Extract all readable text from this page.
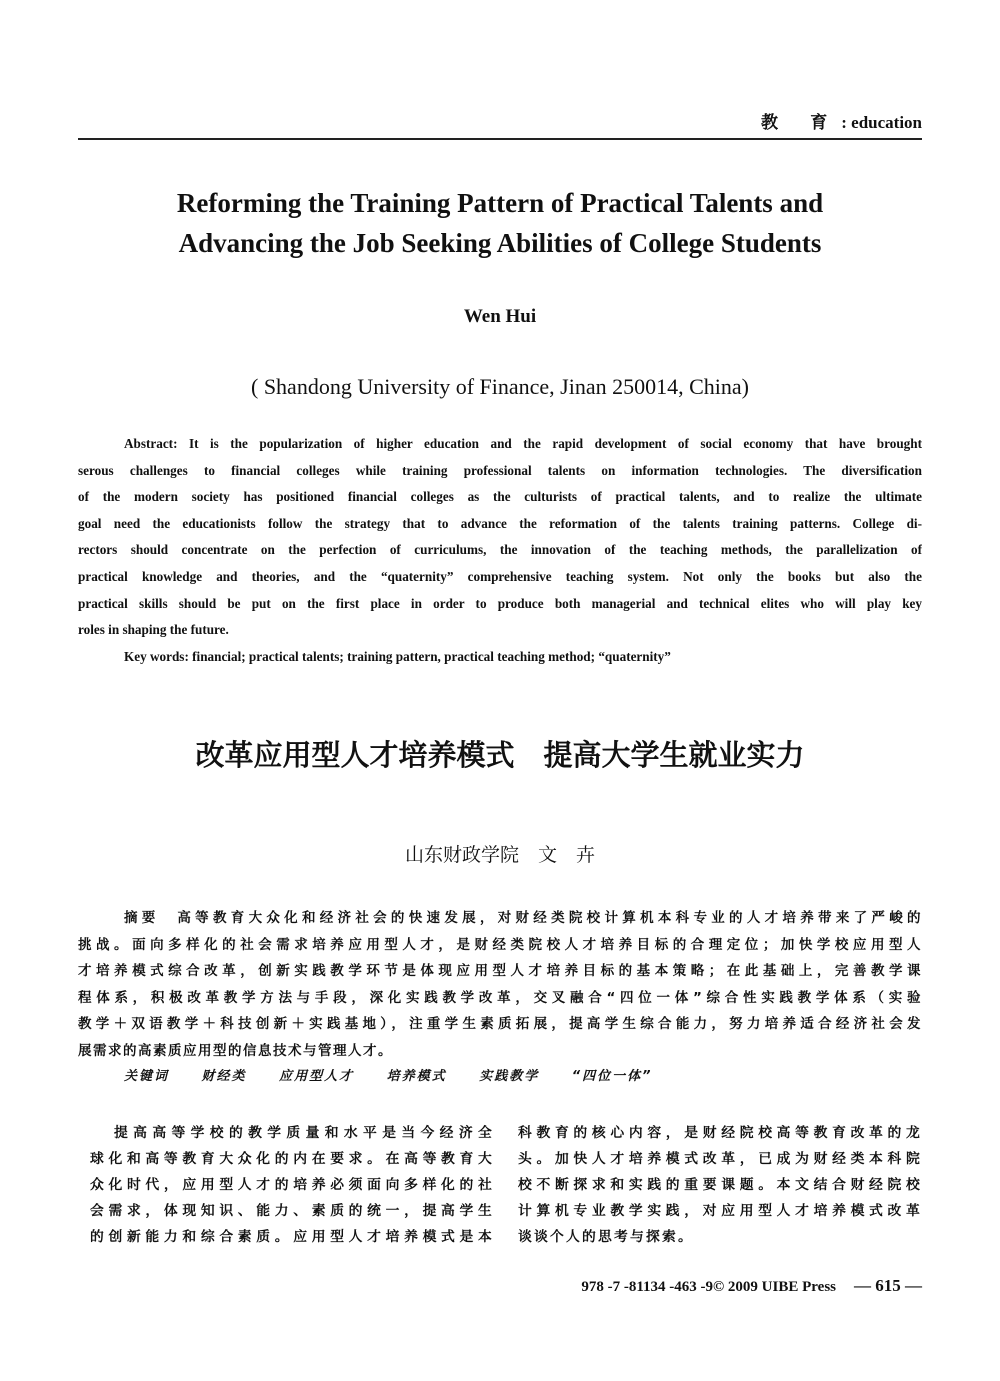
教 育: education
Reforming the Training Pattern of Practical Talents and
Advancing the Job Seeking Abilities of College Students
Wen Hui
( Shandong University of Finance, Jinan 250014, China)
Abstract: It is the popularization of higher education and the rapid development of social economy that have brought
serous challenges to financial colleges while training professional talents on information technologies. The diversification
of the modern society has positioned financial colleges as the culturists of practical talents, and to realize the ultimate
goal need the educationists follow the strategy that to advance the reformation of the talents training patterns. College di-
rectors should concentrate on the perfection of curriculums, the innovation of the teaching methods, the parallelization of
practical knowledge and theories, and the “quaternity” comprehensive teaching system. Not only the books but also the
practical skills should be put on the first place in order to produce both managerial and technical elites who will play key
roles in shaping the future.
Key words: financial; practical talents; training pattern, practical teaching method; “quaternity”
改革应用型人才培养模式　提高大学生就业实力
山东财政学院　文　卉
摘要　 高等教育大众化和经济社会的快速发展，对财经类院校计算机本科专业的人才培养带来了严峻的
挑战。面向多样化的社会需求培养应用型人才，是财经类院校人才培养目标的合理定位；加快学校应用型人
才培养模式综合改革，创新实践教学环节是体现应用型人才培养目标的基本策略；在此基础上，完善教学课
程体系，积极改革教学方法与手段，深化实践教学改革，交叉融合“四位一体”综合性实践教学体系（实验
教学＋双语教学＋科技创新＋实践基地），注重学生素质拓展，提高学生综合能力，努力培养适合经济社会发
展需求的高素质应用型的信息技术与管理人才。
关键词	财经类	应用型人才	培养模式	实践教学	“四位一体”
提高高等学校的教学质量和水平是当今经济全
球化和高等教育大众化的内在要求。在高等教育大
众化时代，应用型人才的培养必须面向多样化的社
会需求，体现知识、能力、素质的统一，提高学生
的创新能力和综合素质。应用型人才培养模式是本
科教育的核心内容，是财经院校高等教育改革的龙
头。加快人才培养模式改革，已成为财经类本科院
校不断探求和实践的重要课题。本文结合财经院校
计算机专业教学实践，对应用型人才培养模式改革
谈谈个人的思考与探索。
978 -7 -81134 -463 -9© 2009 UIBE Press — 615 —
